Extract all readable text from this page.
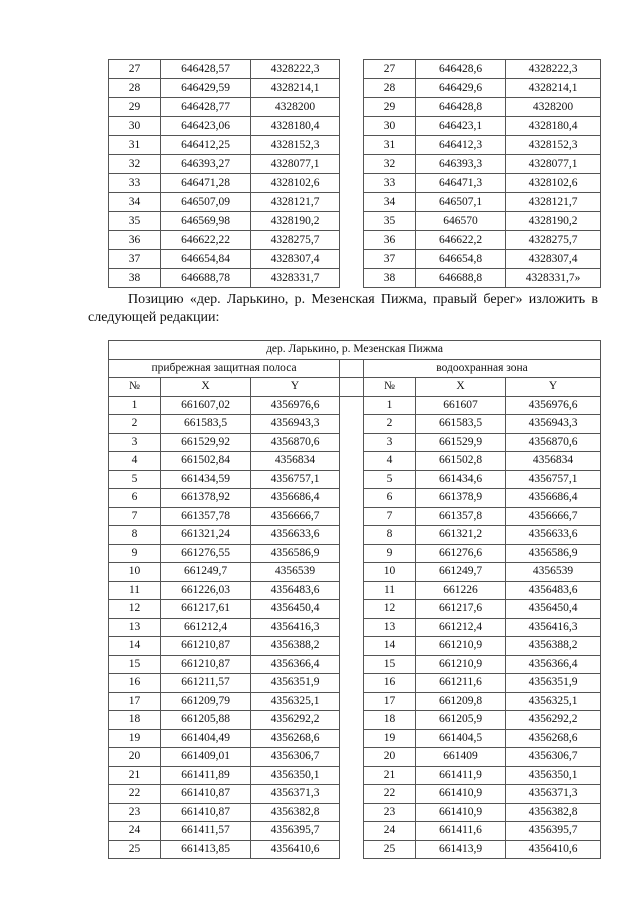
27	646428,57	4328222,3		27	646428,6	4328222,3
28	646429,59	4328214,1		28	646429,6	4328214,1
29	646428,77	4328200		29	646428,8	4328200
30	646423,06	4328180,4		30	646423,1	4328180,4
31	646412,25	4328152,3		31	646412,3	4328152,3
32	646393,27	4328077,1		32	646393,3	4328077,1
33	646471,28	4328102,6		33	646471,3	4328102,6
34	646507,09	4328121,7		34	646507,1	4328121,7
35	646569,98	4328190,2		35	646570	4328190,2
36	646622,22	4328275,7		36	646622,2	4328275,7
37	646654,84	4328307,4		37	646654,8	4328307,4
38	646688,78	4328331,7		38	646688,8	4328331,7»
Позицию «дер. Ларькино, р. Мезенская Пижма, правый берег» изложить в следующей редакции:
дер. Ларькино, р. Мезенская Пижма						
прибрежная защитная полоса				водоохранная зона		
№	X	Y		№	X	Y
1	661607,02	4356976,6		1	661607	4356976,6
2	661583,5	4356943,3		2	661583,5	4356943,3
3	661529,92	4356870,6		3	661529,9	4356870,6
4	661502,84	4356834		4	661502,8	4356834
5	661434,59	4356757,1		5	661434,6	4356757,1
6	661378,92	4356686,4		6	661378,9	4356686,4
7	661357,78	4356666,7		7	661357,8	4356666,7
8	661321,24	4356633,6		8	661321,2	4356633,6
9	661276,55	4356586,9		9	661276,6	4356586,9
10	661249,7	4356539		10	661249,7	4356539
11	661226,03	4356483,6		11	661226	4356483,6
12	661217,61	4356450,4		12	661217,6	4356450,4
13	661212,4	4356416,3		13	661212,4	4356416,3
14	661210,87	4356388,2		14	661210,9	4356388,2
15	661210,87	4356366,4		15	661210,9	4356366,4
16	661211,57	4356351,9		16	661211,6	4356351,9
17	661209,79	4356325,1		17	661209,8	4356325,1
18	661205,88	4356292,2		18	661205,9	4356292,2
19	661404,49	4356268,6		19	661404,5	4356268,6
20	661409,01	4356306,7		20	661409	4356306,7
21	661411,89	4356350,1		21	661411,9	4356350,1
22	661410,87	4356371,3		22	661410,9	4356371,3
23	661410,87	4356382,8		23	661410,9	4356382,8
24	661411,57	4356395,7		24	661411,6	4356395,7
25	661413,85	4356410,6		25	661413,9	4356410,6
